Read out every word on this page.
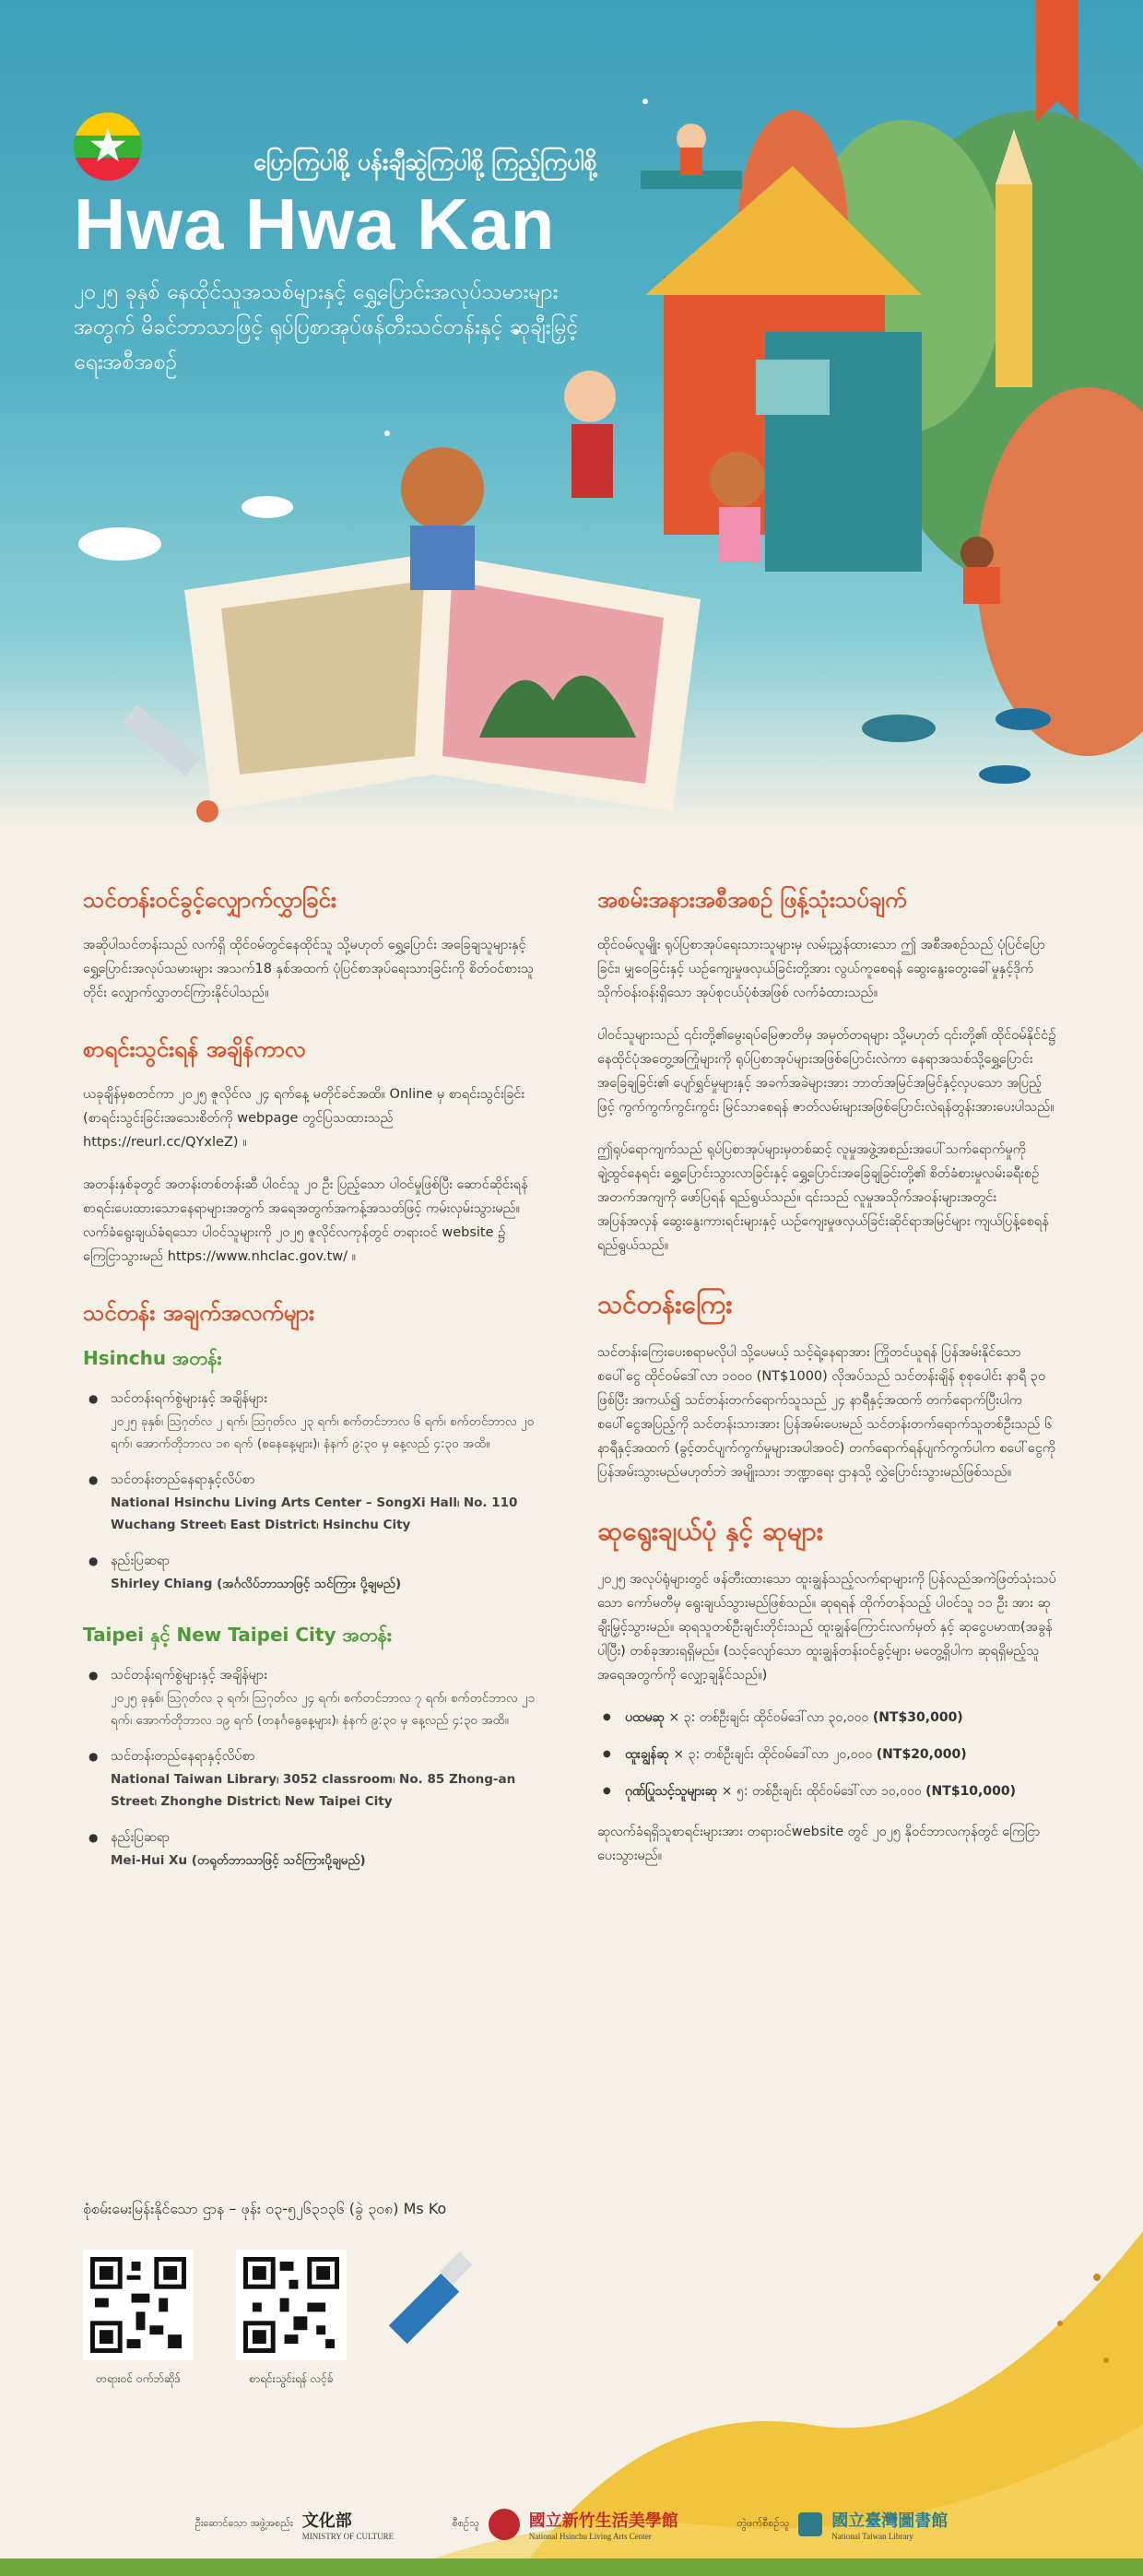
★	ပြောကြပါစို့ ပန်းချီဆွဲကြပါစို့ ကြည့်ကြပါစို့
Hwa Hwa Kan
၂၀၂၅ ခုနှစ် နေထိုင်သူအသစ်များနှင့် ရွှေ့ပြောင်းအလုပ်သမားများအတွက် မိခင်ဘာသာဖြင့် ရုပ်ပြစာအုပ်ဖန်တီးသင်တန်းနှင့် ဆုချီးမြှင့်ရေးအစီအစဉ်
သင်တန်းဝင်ခွင့်လျှောက်လွှာခြင်း
အဆိုပါသင်တန်းသည် လက်ရှိ ထိုင်ဝမ်တွင်နေထိုင်သူ သို့မဟုတ် ရွှေ့ပြောင်း အခြေချသူများနှင့် ရွှေ့ပြောင်းအလုပ်သမားများ အသက်18 နှစ်အထက် ပုံပြင်စာအုပ်ရေးသားခြင်းကို စိတ်ဝင်စားသူတိုင်း လျှောက်လွှာတင်ကြားနိုင်ပါသည်။
စာရင်းသွင်းရန် အချိန်ကာလ
ယခုချိန်မှစတင်ကာ ၂၀၂၅ ဇူလိုင်လ ၂၄ ရက်နေ့ မတိုင်ခင်အထိ။ Online မှ စာရင်းသွင်းခြင်း (စာရင်းသွင်းခြင်းအသေးစိတ်ကို webpage တွင်ပြသထားသည် https://reurl.cc/QYxleZ) ။
အတန်းနှစ်ခုတွင် အတန်းတစ်တန်းဆီ ပါဝင်သူ ၂၀ ဦး ပြည့်သော ပါဝင်မှုဖြစ်ပြီး ဆောင်ဆိုင်းရန်စာရင်းပေးထားသောနေရာများအတွက် အရေအတွက်အကန့်အသတ်ဖြင့် ကမ်းလှမ်းသွားမည်။ လက်ခံရွေးချယ်ခံရသော ပါဝင်သူများကို ၂၀၂၅ ဇူလိုင်လကုန်တွင် တရားဝင် website ၌ ကြေငြာသွားမည် https://www.nhclac.gov.tw/ ။
သင်တန်း အချက်အလက်များ
Hsinchu အတန်း
● သင်တန်းရက်စွဲများနှင့် အချိန်များ
၂၀၂၅ ခုနှစ်၊ ဩဂုတ်လ ၂ ရက်၊ ဩဂုတ်လ ၂၃ ရက်၊ စက်တင်ဘာလ ၆ ရက်၊ စက်တင်ဘာလ ၂၀ ရက်၊ အောက်တိုဘာလ ၁၈ ရက် (စနေနေ့များ)၊ နံနက် ၉:၃၀ မှ နေ့လည် ၄:၃၀ အထိ။
● သင်တန်းတည်နေရာနှင့်လိပ်စာ
National Hsinchu Living Arts Center – SongXi Hall၊ No. 110 Wuchang Street၊ East District၊ Hsinchu City
● နည်းပြဆရာ
Shirley Chiang (အင်္ဂလိပ်ဘာသာဖြင့် သင်ကြား ပို့ချမည်)
Taipei နှင့် New Taipei City အတန်း
● သင်တန်းရက်စွဲများနှင့် အချိန်များ
၂၀၂၅ ခုနှစ်၊ ဩဂုတ်လ ၃ ရက်၊ ဩဂုတ်လ ၂၄ ရက်၊ စက်တင်ဘာလ ၇ ရက်၊ စက်တင်ဘာလ ၂၁ ရက်၊ အောက်တိုဘာလ ၁၉ ရက် (တနင်္ဂနွေနေ့များ)၊ နံနက် ၉:၃၀ မှ နေ့လည် ၄:၃၀ အထိ။
● သင်တန်းတည်နေရာနှင့်လိပ်စာ
National Taiwan Library၊ 3052 classroom၊ No. 85 Zhong-an Street၊ Zhonghe District၊ New Taipei City
● နည်းပြဆရာ
Mei-Hui Xu (တရုတ်ဘာသာဖြင့် သင်ကြားပို့ချမည်)
စုံစမ်းမေးမြန်းနိုင်သော ဌာန – ဖုန်း ၀၃-၅၂၆၃၁၃၆ (ခွဲ ၃၀၈) Ms Ko
တရားဝင် ဝက်ဘ်ဆိုဒ်	စာရင်းသွင်းရန် လင့်ခ်
အစမ်းအနားအစီအစဉ် ဖြန့်သုံးသပ်ချက်
ထိုင်ဝမ်လူမျိုး ရုပ်ပြစာအုပ်ရေးသားသူများမှ လမ်းညွှန်ထားသော ဤ အစီအစဉ်သည် ပုံပြင်ပြောခြင်း၊ မျှဝေခြင်းနှင့် ယဉ်ကျေးမှုဖလှယ်ခြင်းတို့အား လွယ်ကူစေရန် ဆွေးနွေးတွေးခေါ်မှုနှင့်ဒိုက်သိုက်ဝန်းဝန်းရှိသော အုပ်စုငယ်ပုံစံအဖြစ် လက်ခံထားသည်။
ပါဝင်သူများသည် ၎င်းတို့၏မွေးရပ်မြေဇာတိမှ အမှတ်တရများ သို့မဟုတ် ၎င်းတို့၏ ထိုင်ဝမ်နိုင်ငံ၌ နေထိုင်ပုံအတွေ့အကြုံများကို ရုပ်ပြစာအုပ်များအဖြစ်ပြောင်းလဲကာ နေရာအသစ်သို့ရွှေ့ပြောင်းအခြေချခြင်း၏ ပျော်ရွှင်မှုများနှင့် အခက်အခဲများအား ဘာတ်အမြင်အမြင်နှင့်လှပသော အပြည့်ဖြင့် ကွက်ကွက်ကွင်းကွင်း မြင်သာစေရန် ဇာတ်လမ်းများအဖြစ်ပြောင်းလဲရန်တွန်းအားပေးပါသည်။
ဤရုပ်ရောကျက်သည် ရုပ်ပြစာအုပ်များမှတစ်ဆင့် လူမှုအဖွဲ့အစည်းအပေါ်သက်ရောက်မှုကို ချဲ့ထွင်နေရင်း ရွှေ့ပြောင်းသွားလာခြင်းနှင့် ရွှေ့ပြောင်းအခြေချခြင်းတို့၏ စိတ်ခံစားမှုလမ်းခရီးစဉ်အတက်အကျကို ဖော်ပြရန် ရည်ရွယ်သည်။ ၎င်းသည် လူမှုအသိုက်အဝန်းများအတွင်း အပြန်အလှန် ဆွေးနွေးကားရင်းများနှင့် ယဉ်ကျေးမှုဖလှယ်ခြင်းဆိုင်ရာအမြင်များ ကျယ်ပြန့်စေရန် ရည်ရွယ်သည်။
သင်တန်းကြေး
သင်တန်းကြေးပေးစရာမလိုပါ သို့ပေမယ့် သင့်ရဲ့နေရာအား ကြိုတင်ယူရန် ပြန်အမ်းနိုင်သော စပေါ်ငွေ ထိုင်ဝမ်ဒေါ်လာ ၁၀၀၀ (NT$1000) လိုအပ်သည် သင်တန်းချိန် စုစုပေါင်း နာရီ ၃၀ ဖြစ်ပြီး အကယ်၍ သင်တန်းတက်ရောက်သူသည် ၂၄ နာရီနှင့်အထက် တက်ရောက်ပြီးပါက စပေါ်ငွေအပြည့်ကို သင်တန်းသားအား ပြန်အမ်းပေးမည် သင်တန်းတက်ရောက်သူတစ်ဦးသည် ၆ နာရီနှင့်အထက် (ခွင့်တင်ပျက်ကွက်မှုများအပါအဝင်) တက်ရောက်ရန်ပျက်ကွက်ပါက စပေါ်ငွေကို ပြန်အမ်းသွားမည်မဟုတ်ဘဲ အမျိုးသား ဘဏ္ဍာရေး ဌာနသို့ လွှဲပြောင်းသွားမည်ဖြစ်သည်။
ဆုရွေးချယ်ပုံ နှင့် ဆုများ
၂၀၂၅ အလုပ်ရုံများတွင် ဖန်တီးထားသော ထူးချွန်သည့်လက်ရာများကို ပြန်လည်အကဲဖြတ်သုံးသပ်သော ကော်မတီမှ ရွေးချယ်သွားမည်ဖြစ်သည်။ ဆုရရန် ထိုက်တန်သည့် ပါဝင်သူ ၁၁ ဦး အား ဆုချီးမြှင့်သွားမည်။ ဆုရသူတစ်ဦးချင်းတိုင်းသည် ထူးချွန်ကြောင်းလက်မှတ် နှင့် ဆုငွေပမာဏ(အခွန်ပါပြီး) တစ်ခုအားရရှိမည်။ (သင့်လျော်သော ထူးချွန်တန်းဝင်ခွင့်များ မတွေ့ရှိပါက ဆုရရှိမည့်သူအရေအတွက်ကို လျှော့ချနိုင်သည်။)
● ပထမဆု × ၃: တစ်ဦးချင်း ထိုင်ဝမ်ဒေါ်လာ ၃၀,၀၀၀ (NT$30,000)
● ထူးချွန်ဆု × ၃: တစ်ဦးချင်း ထိုင်ဝမ်ဒေါ်လာ ၂၀,၀၀၀ (NT$20,000)
● ဂုဏ်ပြုသင့်သူများဆု × ၅: တစ်ဦးချင်း ထိုင်ဝမ်ဒေါ်လာ ၁၀,၀၀၀ (NT$10,000)
ဆုလက်ခံရရှိသူစာရင်းများအား တရားဝင်website တွင် ၂၀၂၅ နိုဝင်ဘာလကုန်တွင် ကြေငြာပေးသွားမည်။
ဦးဆောင်သော အဖွဲ့အစည်း 文化部
MINISTRY OF CULTURE
စီစဉ်သူ	國立新竹生活美學館
National Hsinchu Living Arts Center
တွဲဖက်စီစဉ်သူ	國立臺灣圖書館
National Taiwan Library
